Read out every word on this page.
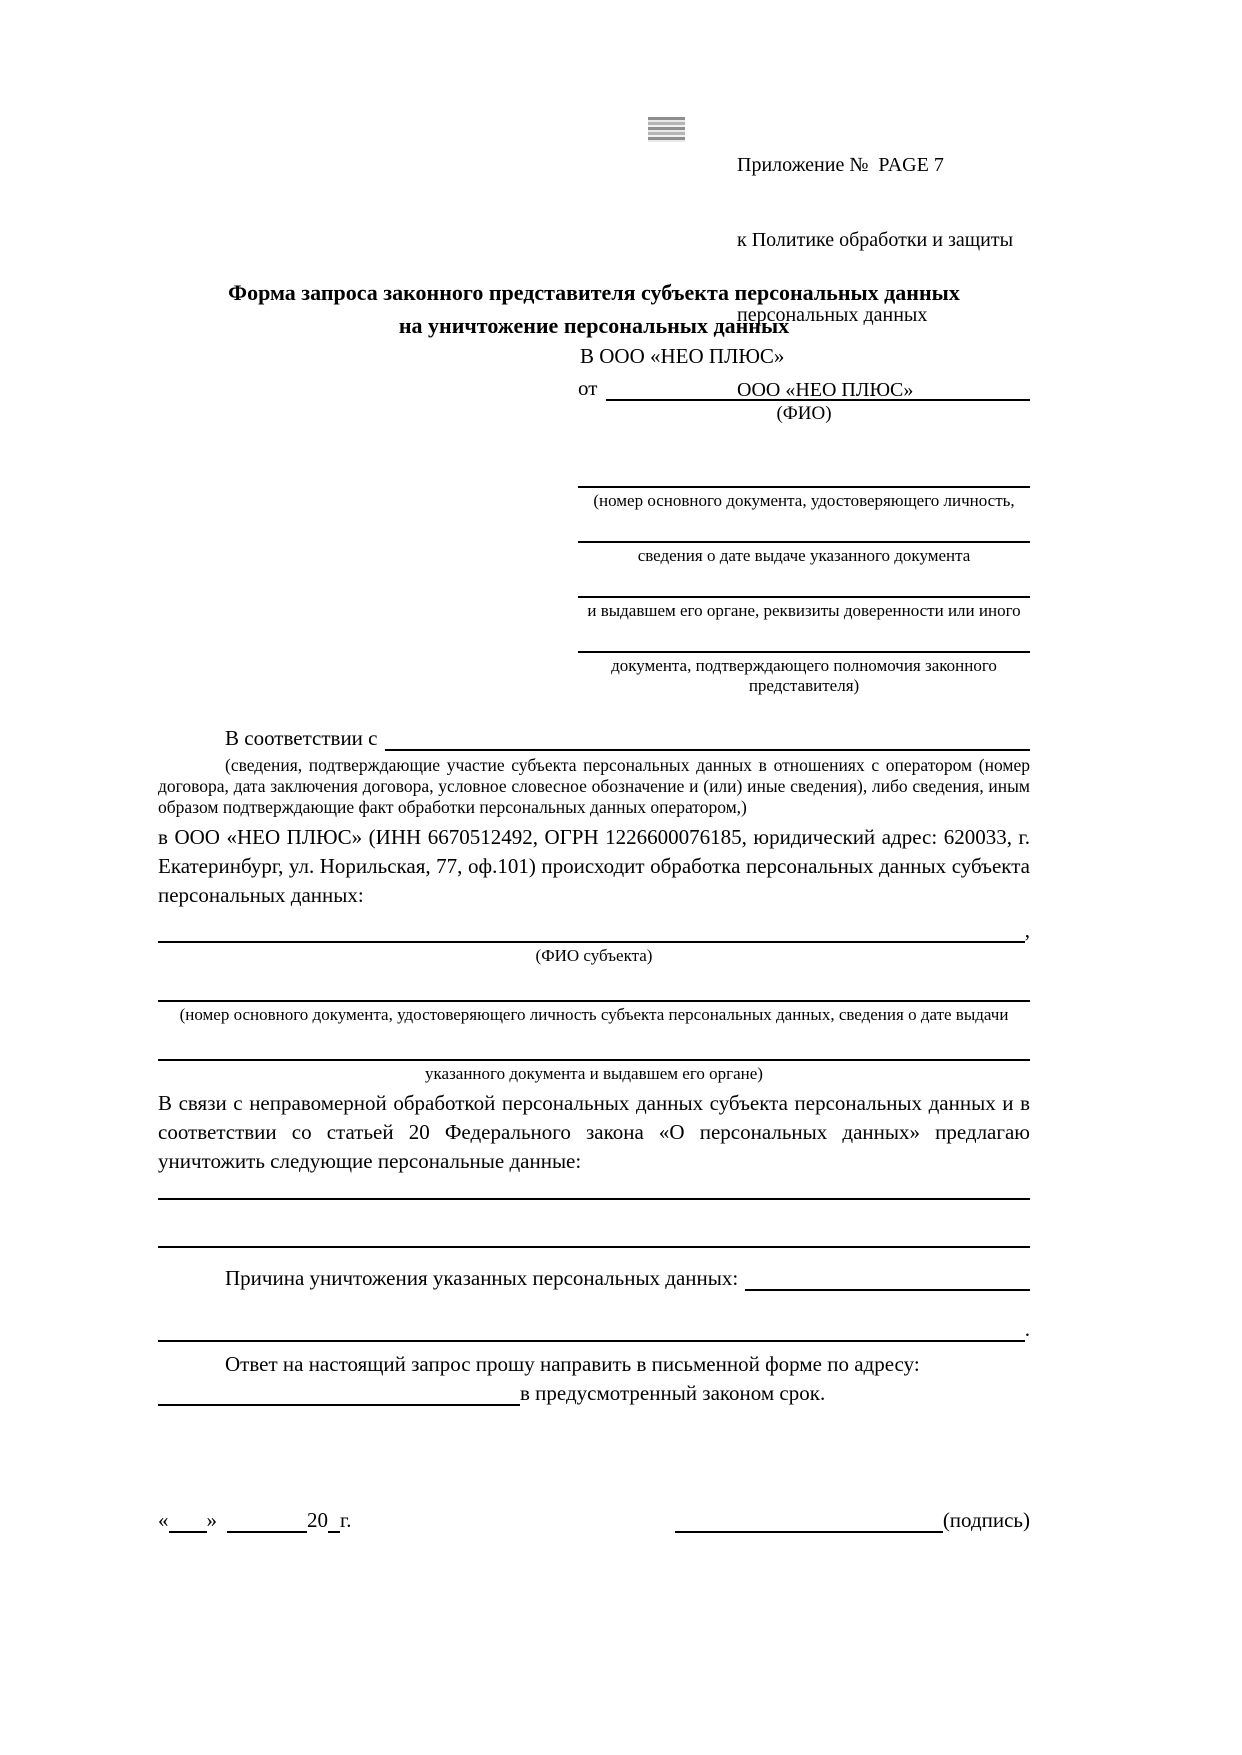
Приложение №  PAGE 7

к Политике обработки и защиты

персональных данных

ООО «НЕО ПЛЮС»

Форма запроса законного представителя субъекта персональных данных
на уничтожение персональных данных
В ООО «НЕО ПЛЮС»
от
(ФИО)
(номер основного документа, удостоверяющего личность,
сведения о дате выдаче указанного документа
и выдавшем его органе, реквизиты доверенности или иного
документа, подтверждающего полномочия законного представителя)
В соответствии с
(сведения, подтверждающие участие субъекта персональных данных в отношениях с оператором (номер договора, дата заключения договора, условное словесное обозначение и (или) иные сведения), либо сведения, иным образом подтверждающие факт обработки персональных данных оператором,)
в ООО «НЕО ПЛЮС» (ИНН 6670512492, ОГРН 1226600076185, юридический адрес: 620033, г. Екатеринбург, ул. Норильская, 77, оф.101) происходит обработка персональных данных субъекта персональных данных:
,
(ФИО субъекта)
(номер основного документа, удостоверяющего личность субъекта персональных данных, сведения о дате выдачи
указанного документа и выдавшем его органе)
В связи с неправомерной обработкой персональных данных субъекта персональных данных и в соответствии со статьей 20 Федерального закона «О персональных данных» предлагаю уничтожить следующие персональные данные:
Причина уничтожения указанных персональных данных:
.
Ответ на настоящий запрос прошу направить в письменной форме по адресу:
в предусмотренный законом срок.
« »	20 г.	(подпись)
